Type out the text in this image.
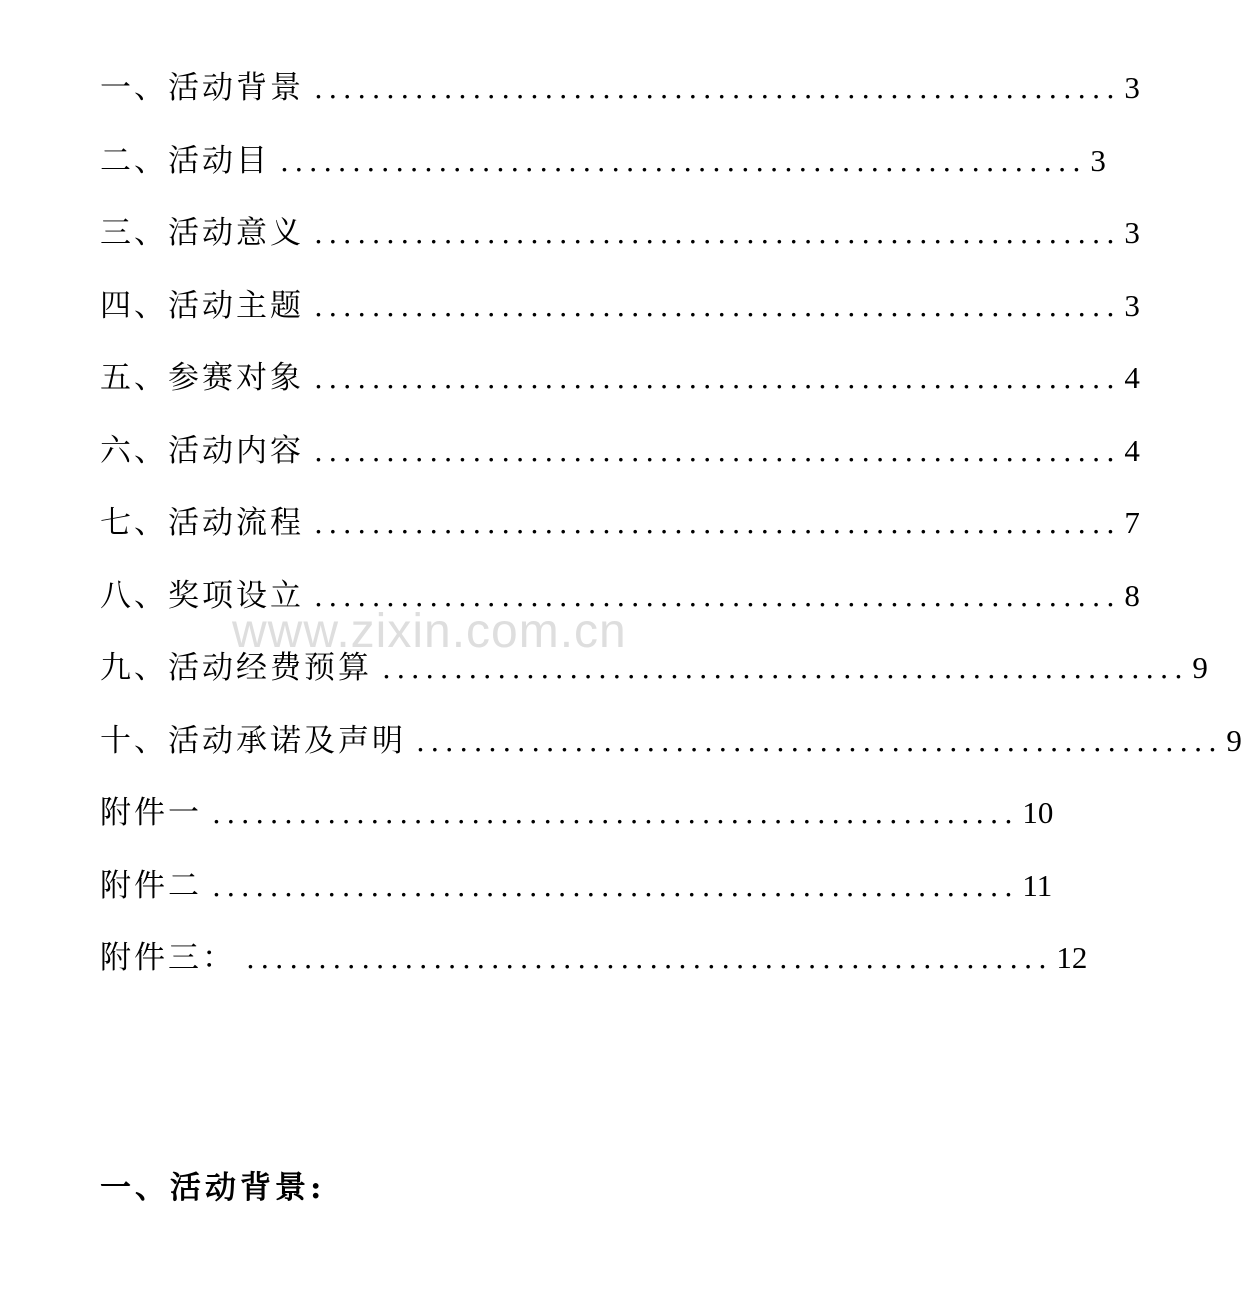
一、活动背景 ........................................................ 3
二、活动目 ........................................................ 3
三、活动意义 ........................................................ 3
四、活动主题 ........................................................ 3
五、参赛对象 ........................................................ 4
六、活动内容 ........................................................ 4
七、活动流程 ........................................................ 7
八、奖项设立 ........................................................ 8
九、活动经费预算 ........................................................ 9
十、活动承诺及声明 ........................................................ 9
附件一 ........................................................ 10
附件二 ........................................................ 11
附件三： ........................................................ 12
www.zixin.com.cn
一、活动背景:
